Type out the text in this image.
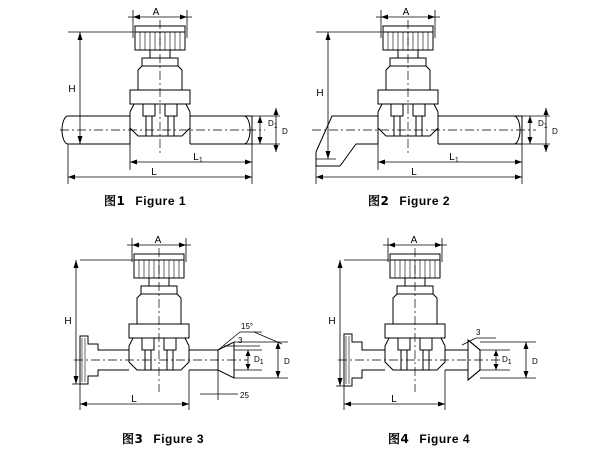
A
H
D1
D
$L_1$
L
图1 Figure 1
A
H
D1
D
$L_1$
L
图2 Figure 2
A
H	15°
3
D1	D
25
L
图3 Figure 3
A
H
3
D1	D
L
图4 Figure 4
